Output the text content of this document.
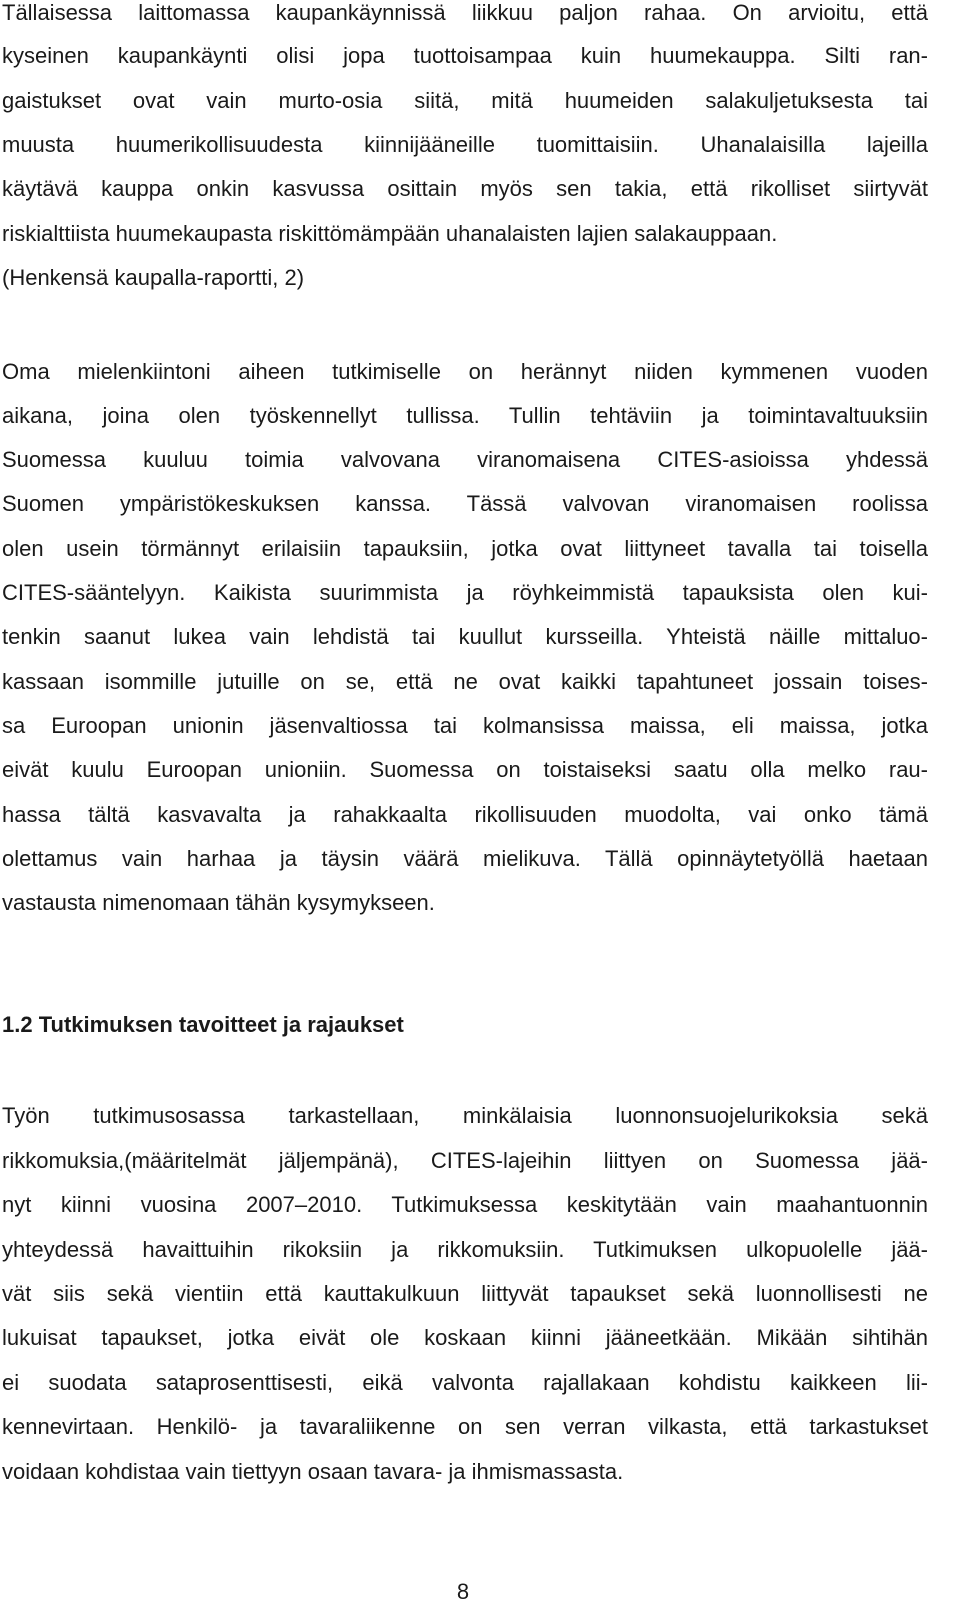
Tällaisessa laittomassa kaupankäynnissä liikkuu paljon rahaa. On arvioitu, että
kyseinen kaupankäynti olisi jopa tuottoisampaa kuin huumekauppa. Silti ran-
gaistukset ovat vain murto-osia siitä, mitä huumeiden salakuljetuksesta tai
muusta huumerikollisuudesta kiinnijääneille tuomittaisiin. Uhanalaisilla lajeilla
käytävä kauppa onkin kasvussa osittain myös sen takia, että rikolliset siirtyvät
riskialttiista huumekaupasta riskittömämpään uhanalaisten lajien salakauppaan.
(Henkensä kaupalla-raportti, 2)
Oma mielenkiintoni aiheen tutkimiselle on herännyt niiden kymmenen vuoden
aikana, joina olen työskennellyt tullissa. Tullin tehtäviin ja toimintavaltuuksiin
Suomessa kuuluu toimia valvovana viranomaisena CITES-asioissa yhdessä
Suomen ympäristökeskuksen kanssa. Tässä valvovan viranomaisen roolissa
olen usein törmännyt erilaisiin tapauksiin, jotka ovat liittyneet tavalla tai toisella
CITES-sääntelyyn. Kaikista suurimmista ja röyhkeimmistä tapauksista olen kui-
tenkin saanut lukea vain lehdistä tai kuullut kursseilla. Yhteistä näille mittaluo-
kassaan isommille jutuille on se, että ne ovat kaikki tapahtuneet jossain toises-
sa Euroopan unionin jäsenvaltiossa tai kolmansissa maissa, eli maissa, jotka
eivät kuulu Euroopan unioniin. Suomessa on toistaiseksi saatu olla melko rau-
hassa tältä kasvavalta ja rahakkaalta rikollisuuden muodolta, vai onko tämä
olettamus vain harhaa ja täysin väärä mielikuva. Tällä opinnäytetyöllä haetaan
vastausta nimenomaan tähän kysymykseen.
1.2 Tutkimuksen tavoitteet ja rajaukset
Työn tutkimusosassa tarkastellaan, minkälaisia luonnonsuojelurikoksia sekä
rikkomuksia,(määritelmät jäljempänä), CITES-lajeihin liittyen on Suomessa jää-
nyt kiinni vuosina 2007–2010. Tutkimuksessa keskitytään vain maahantuonnin
yhteydessä havaittuihin rikoksiin ja rikkomuksiin. Tutkimuksen ulkopuolelle jää-
vät siis sekä vientiin että kauttakulkuun liittyvät tapaukset sekä luonnollisesti ne
lukuisat tapaukset, jotka eivät ole koskaan kiinni jääneetkään. Mikään sihtihän
ei suodata sataprosenttisesti, eikä valvonta rajallakaan kohdistu kaikkeen lii-
kennevirtaan. Henkilö- ja tavaraliikenne on sen verran vilkasta, että tarkastukset
voidaan kohdistaa vain tiettyyn osaan tavara- ja ihmismassasta.
8
